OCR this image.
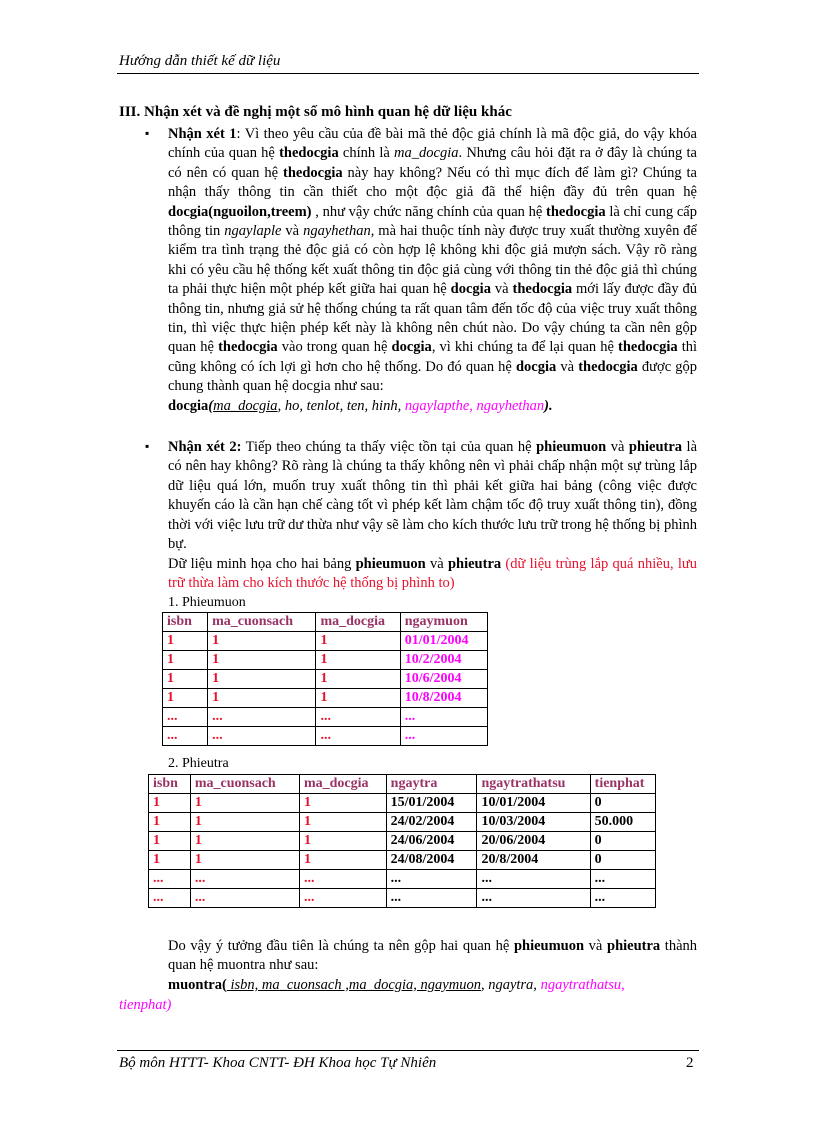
Hướng dẫn thiết kế dữ liệu
III. Nhận xét và đề nghị một số mô hình quan hệ dữ liệu khác
▪ Nhận xét 1: Vì theo yêu cầu của đề bài mã thẻ độc giả chính là mã độc giả, do vậy khóa chính của quan hệ thedocgia chính là ma_docgia. Nhưng câu hỏi đặt ra ở đây là chúng ta có nên có quan hệ thedocgia này hay không? Nếu có thì mục đích để làm gì? Chúng ta nhận thấy thông tin cần thiết cho một độc giả đã thể hiện đầy đủ trên quan hệ docgia(nguoilon,treem) , như vậy chức năng chính của quan hệ thedocgia là chỉ cung cấp thông tin ngaylaple và ngayhethan, mà hai thuộc tính này được truy xuất thường xuyên để kiểm tra tình trạng thẻ độc giả có còn hợp lệ không khi độc giả mượn sách. Vậy rõ ràng khi có yêu cầu hệ thống kết xuất thông tin độc giả cùng với thông tin thẻ độc giả thì chúng ta phải thực hiện một phép kết giữa hai quan hệ docgia và thedocgia mới lấy được đầy đủ thông tin, nhưng giả sử hệ thống chúng ta rất quan tâm đến tốc độ của việc truy xuất thông tin, thì việc thực hiện phép kết này là không nên chút nào. Do vậy chúng ta cần nên gộp quan hệ thedocgia vào trong quan hệ docgia, vì khi chúng ta để lại quan hệ thedocgia thì cũng không có ích lợi gì hơn cho hệ thống. Do đó quan hệ docgia và thedocgia được gộp chung thành quan hệ docgia như sau:
docgia(ma_docgia, ho, tenlot, ten, hinh, ngaylapthe, ngayhethan).
▪ Nhận xét 2: Tiếp theo chúng ta thấy việc tồn tại của quan hệ phieumuon và phieutra là có nên hay không? Rõ ràng là chúng ta thấy không nên vì phải chấp nhận một sự trùng lắp dữ liệu quá lớn, muốn truy xuất thông tin thì phải kết giữa hai bảng (công việc được khuyến cáo là cần hạn chế càng tốt vì phép kết làm chậm tốc độ truy xuất thông tin), đồng thời với việc lưu trữ dư thừa như vậy sẽ làm cho kích thước lưu trữ trong hệ thống bị phình bự.
Dữ liệu minh họa cho hai bảng phieumuon và phieutra (dữ liệu trùng lắp quá nhiều, lưu trữ thừa làm cho kích thước hệ thống bị phình to)
1. Phieumuon
isbn	ma_cuonsach	ma_docgia	ngaymuon
1	1	1	01/01/2004
1	1	1	10/2/2004
1	1	1	10/6/2004
1	1	1	10/8/2004
...	...	...	...
...	...	...	...
2. Phieutra
isbn	ma_cuonsach	ma_docgia	ngaytra	ngaytrathatsu	tienphat
1	1	1	15/01/2004	10/01/2004	0
1	1	1	24/02/2004	10/03/2004	50.000
1	1	1	24/06/2004	20/06/2004	0
1	1	1	24/08/2004	20/8/2004	0
...	...	...	...	...	...
...	...	...	...	...	...
Do vậy ý tưởng đầu tiên là chúng ta nên gộp hai quan hệ phieumuon và phieutra thành quan hệ muontra như sau:
muontra( isbn, ma_cuonsach ,ma_docgia, ngaymuon, ngaytra, ngaytrathatsu,
tienphat)
Bộ môn HTTT- Khoa CNTT- ĐH Khoa học Tự Nhiên	2
